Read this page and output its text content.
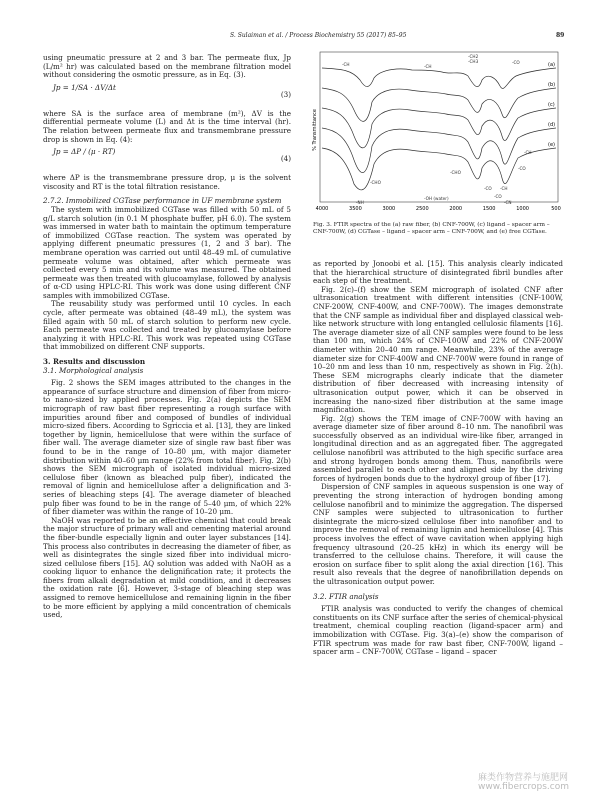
S. Sulaiman et al. / Process Biochemistry 55 (2017) 85–95	89

using pneumatic pressure at 2 and 3 bar. The permeate flux, Jp (L/m² hr) was calculated based on the membrane filtration model without considering the osmotic pressure, as in Eq. (3).

Jp = 1/SA · ΔV/Δt
(3)

where SA is the surface area of membrane (m²), ΔV is the differential permeate volume (L) and Δt is the time interval (hr). The relation between permeate flux and transmembrane pressure drop is shown in Eq. (4):

Jp = ΔP / (μ · RT)
(4)

where ΔP is the transmembrane pressure drop, μ is the solvent viscosity and RT is the total filtration resistance.

2.7.2. Immobilized CGTase performance in UF membrane system

The system with immobilized CGTase was filled with 50 mL of 5 g/L starch solution (in 0.1 M phosphate buffer, pH 6.0). The system was immersed in water bath to maintain the optimum temperature of immobilized CGTase reaction. The system was operated by applying different pneumatic pressures (1, 2 and 3 bar). The membrane operation was carried out until 48–49 mL of cumulative permeate volume was obtained, after which permeate was collected every 5 min and its volume was measured. The obtained permeate was then treated with glucoamylase, followed by analysis of α-CD using HPLC-RI. This work was done using different CNF samples with immobilized CGTase.

The reusability study was performed until 10 cycles. In each cycle, after permeate was obtained (48–49 mL), the system was filled again with 50 mL of starch solution to perform new cycle. Each permeate was collected and treated by glucoamylase before analyzing it with HPLC-RI. This work was repeated using CGTase that immobilized on different CNF supports.

3. Results and discussion

3.1. Morphological analysis

Fig. 2 shows the SEM images attributed to the changes in the appearance of surface structure and dimension of fiber from micro- to nano-sized by applied processes. Fig. 2(a) depicts the SEM micrograph of raw bast fiber representing a rough surface with impurities around fiber and composed of bundles of individual micro-sized fibers. According to Sgriccia et al. [13], they are linked together by lignin, hemicellulose that were within the surface of fiber wall. The average diameter size of single raw bast fiber was found to be in the range of 10–80 μm, with major diameter distribution within 40–60 μm range (22% from total fiber). Fig. 2(b) shows the SEM micrograph of isolated individual micro-sized cellulose fiber (known as bleached pulp fiber), indicated the removal of lignin and hemicellulose after a delignification and 3-series of bleaching steps [4]. The average diameter of bleached pulp fiber was found to be in the range of 5–40 μm, of which 22% of fiber diameter was within the range of 10–20 μm.

NaOH was reported to be an effective chemical that could break the major structure of primary wall and cementing material around the fiber-bundle especially lignin and outer layer substances [14]. This process also contributes in decreasing the diameter of fiber, as well as disintegrates the single sized fiber into individual micro-sized cellulose fibers [15]. AQ solution was added with NaOH as a cooking liquor to enhance the delignification rate; it protects the fibers from alkali degradation at mild condition, and it decreases the oxidation rate [6]. However, 3-stage of bleaching step was assigned to remove hemicellulose and remaining lignin in the fiber to be more efficient by applying a mild concentration of chemicals used,

% Transmittance
4000	3500	3000	2500	2000	1500	1000	500
(a)
(b)
(c)
(d)
(e)
-CH	-CH
-CH2
-CH3	-CO
-CHO
-NH
-OH (water)
-CO
-CO
-CH
-CN
-CHO
-CO
-CH
Fig. 3. FTIR spectra of the (a) raw fiber, (b) CNF-700W, (c) ligand – spacer arm – CNF-700W, (d) CGTase – ligand – spacer arm – CNF-700W, and (e) free CGTase.

as reported by Jonoobi et al. [15]. This analysis clearly indicated that the hierarchical structure of disintegrated fibril bundles after each step of the treatment.

Fig. 2(c)–(f) show the SEM micrograph of isolated CNF after ultrasonication treatment with different intensities (CNF-100W, CNF-200W, CNF-400W, and CNF-700W). The images demonstrate that the CNF sample as individual fiber and displayed classical web-like network structure with long entangled cellulosic filaments [16]. The average diameter size of all CNF samples were found to be less than 100 nm, which 24% of CNF-100W and 22% of CNF-200W diameter within 20–40 nm range. Meanwhile, 23% of the average diameter size for CNF-400W and CNF-700W were found in range of 10–20 nm and less than 10 nm, respectively as shown in Fig. 2(h). These SEM micrographs clearly indicate that the diameter distribution of fiber decreased with increasing intensity of ultrasonication output power, which it can be observed in increasing the nano-sized fiber distribution at the same image magnification.

Fig. 2(g) shows the TEM image of CNF-700W with having an average diameter size of fiber around 8–10 nm. The nanofibril was successfully observed as an individual wire-like fiber, arranged in longitudinal direction and as an aggregated fiber. The aggregated cellulose nanofibril was attributed to the high specific surface area and strong hydrogen bonds among them. Thus, nanofibrils were assembled parallel to each other and aligned side by the driving forces of hydrogen bonds due to the hydroxyl group of fiber [17].

Dispersion of CNF samples in aqueous suspension is one way of preventing the strong interaction of hydrogen bonding among cellulose nanofibril and to minimize the aggregation. The dispersed CNF samples were subjected to ultrasonication to further disintegrate the micro-sized cellulose fiber into nanofiber and to improve the removal of remaining lignin and hemicellulose [4]. This process involves the effect of wave cavitation when applying high frequency ultrasound (20–25 kHz) in which its energy will be transferred to the cellulose chains. Therefore, it will cause the erosion on surface fiber to split along the axial direction [16]. This result also reveals that the degree of nanofibrillation depends on the ultrasonication output power.

3.2. FTIR analysis

FTIR analysis was conducted to verify the changes of chemical constituents on its CNF surface after the series of chemical-physical treatment, chemical coupling reaction (ligand-spacer arm) and immobilization with CGTase. Fig. 3(a)–(e) show the comparison of FTIR spectrum was made for raw bast fiber, CNF-700W, ligand – spacer arm – CNF-700W, CGTase – ligand – spacer

麻类作物营养与施肥网
www.fibercrops.com
